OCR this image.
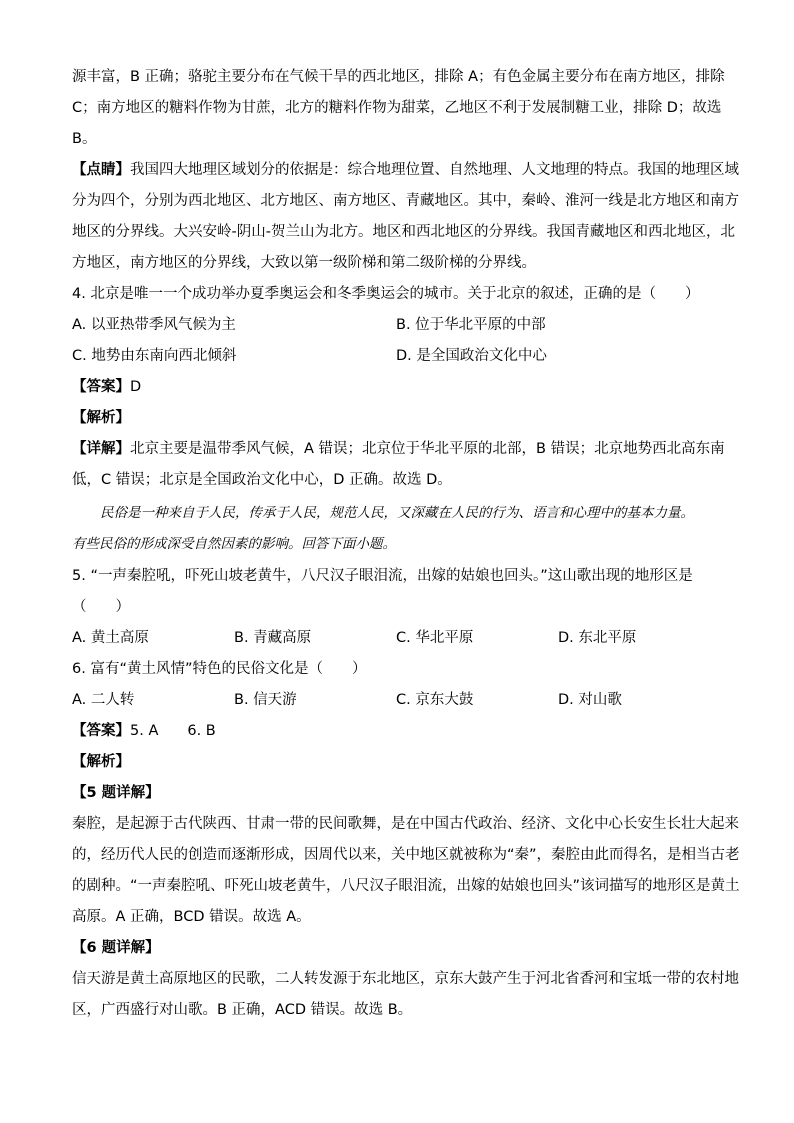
源丰富，B 正确；骆驼主要分布在气候干旱的西北地区，排除 A；有色金属主要分布在南方地区，排除
C；南方地区的糖料作物为甘蔗，北方的糖料作物为甜菜，乙地区不利于发展制糖工业，排除 D；故选
B。
【点睛】我国四大地理区域划分的依据是：综合地理位置、自然地理、人文地理的特点。我国的地理区域
分为四个，分别为西北地区、北方地区、南方地区、青藏地区。其中，秦岭、淮河一线是北方地区和南方
地区的分界线。大兴安岭-阴山-贺兰山为北方。地区和西北地区的分界线。我国青藏地区和西北地区，北
方地区，南方地区的分界线，大致以第一级阶梯和第二级阶梯的分界线。
4. 北京是唯一一个成功举办夏季奥运会和冬季奥运会的城市。关于北京的叙述，正确的是（　　）
A. 以亚热带季风气候为主	B. 位于华北平原的中部
C. 地势由东南向西北倾斜	D. 是全国政治文化中心
【答案】D
【解析】
【详解】北京主要是温带季风气候，A 错误；北京位于华北平原的北部，B 错误；北京地势西北高东南
低，C 错误；北京是全国政治文化中心，D 正确。故选 D。
民俗是一种来自于人民，传承于人民，规范人民，又深藏在人民的行为、语言和心理中的基本力量。
有些民俗的形成深受自然因素的影响。回答下面小题。
5. “一声秦腔吼，吓死山坡老黄牛，八尺汉子眼泪流，出嫁的姑娘也回头。”这山歌出现的地形区是
（　　）
A. 黄土高原	B. 青藏高原	C. 华北平原	D. 东北平原
6. 富有“黄土风情”特色的民俗文化是（　　）
A. 二人转	B. 信天游	C. 京东大鼓	D. 对山歌
【答案】5. A　　6. B
【解析】
【5 题详解】
秦腔，是起源于古代陕西、甘肃一带的民间歌舞，是在中国古代政治、经济、文化中心长安生长壮大起来
的，经历代人民的创造而逐渐形成，因周代以来，关中地区就被称为“秦”，秦腔由此而得名，是相当古老
的剧种。“一声秦腔吼、吓死山坡老黄牛，八尺汉子眼泪流，出嫁的姑娘也回头”该词描写的地形区是黄土
高原。A 正确，BCD 错误。故选 A。
【6 题详解】
信天游是黄土高原地区的民歌，二人转发源于东北地区，京东大鼓产生于河北省香河和宝坻一带的农村地
区，广西盛行对山歌。B 正确，ACD 错误。故选 B。
